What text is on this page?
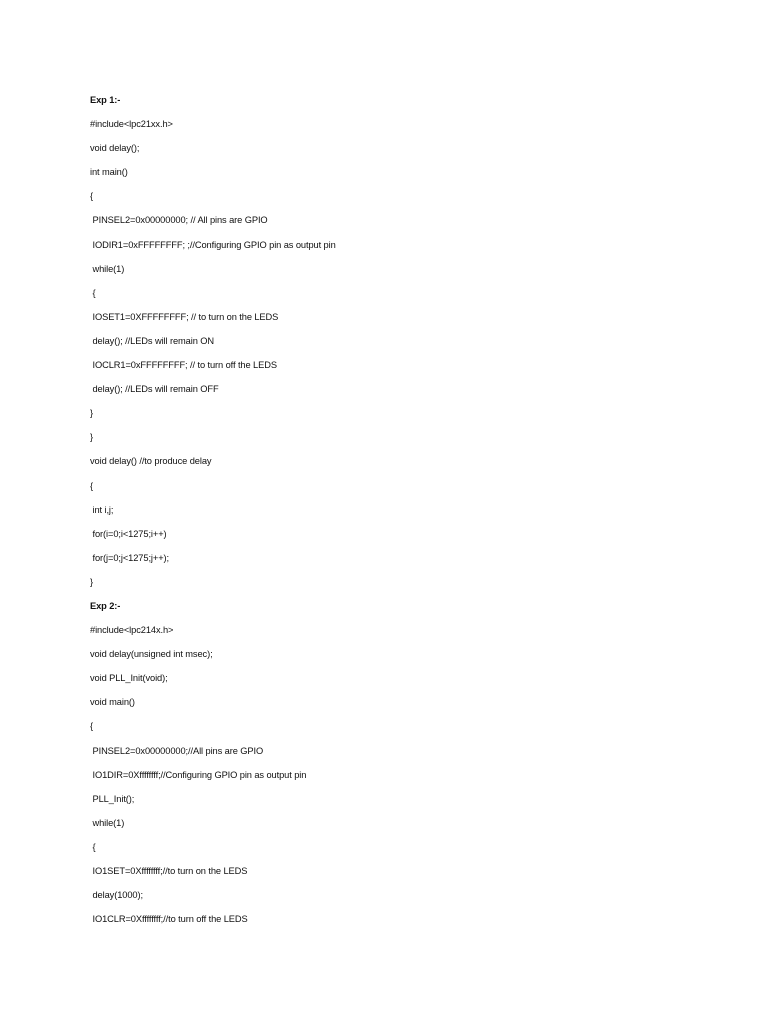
Exp 1:-
#include<lpc21xx.h>
void delay();
int main()
{
PINSEL2=0x00000000; // All pins are GPIO
IODIR1=0xFFFFFFFF; ;//Configuring GPIO pin as output pin
while(1)
{
IOSET1=0XFFFFFFFF; // to turn on the LEDS
delay(); //LEDs will remain ON
IOCLR1=0xFFFFFFFF; // to turn off the LEDS
delay(); //LEDs will remain OFF
}
}
void delay() //to produce delay
{
int i,j;
for(i=0;i<1275;i++)
for(j=0;j<1275;j++);
}
Exp 2:-
#include<lpc214x.h>
void delay(unsigned int msec);
void PLL_Init(void);
void main()
{
PINSEL2=0x00000000;//All pins are GPIO
IO1DIR=0Xffffffff;//Configuring GPIO pin as output pin
PLL_Init();
while(1)
{
IO1SET=0Xffffffff;//to turn on the LEDS
delay(1000);
IO1CLR=0Xffffffff;//to turn off the LEDS
